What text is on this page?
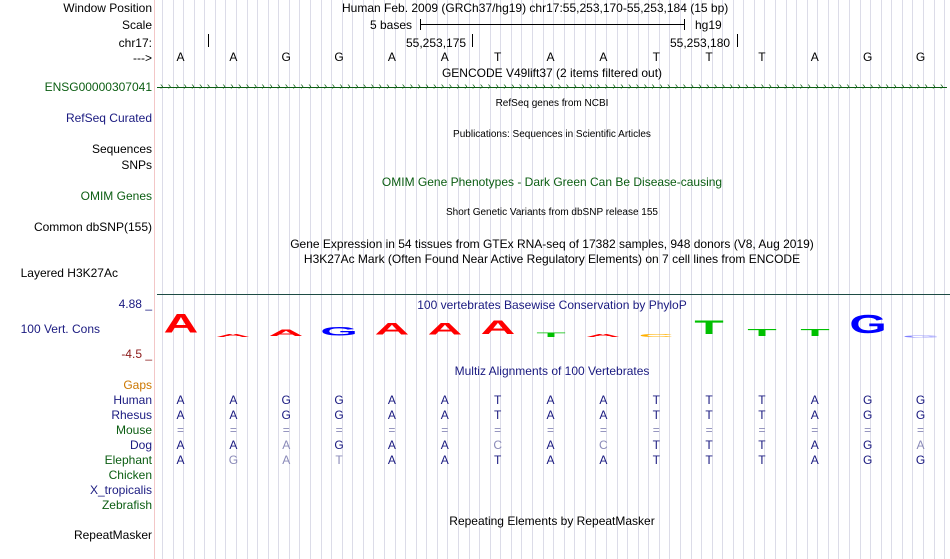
Window Position	Human Feb. 2009 (GRCh37/hg19) chr17:55,253,170-55,253,184 (15 bp)
Scale	5 bases	hg19
chr17:	55,253,175	55,253,180
---> A	A	G	G	A	A	T	A	A	T	T	T	A	G	G
GENCODE V49lift37 (2 items filtered out)
ENSG00000307041 › › › › › › › › › › › › › › › › › › › › › › › › › › › › › › › › › › › › › › › › › › › › › › › › › › › › › › › › › › › › › › › › › › › › › › › › › › › › › › › › › › › › › › › › › › › › › › › › › › › › ›
RefSeq genes from NCBI
RefSeq Curated
Publications: Sequences in Scientific Articles
Sequences
SNPs
OMIM Gene Phenotypes - Dark Green Can Be Disease-causing
OMIM Genes
Short Genetic Variants from dbSNP release 155
Common dbSNP(155)
Gene Expression in 54 tissues from GTEx RNA-seq of 17382 samples, 948 donors (V8, Aug 2019)
H3K27Ac Mark (Often Found Near Active Regulatory Elements) on 7 cell lines from ENCODE
Layered H3K27Ac
100 vertebrates Basewise Conservation by PhyloP
4.88 _
100 Vert. Cons
-4.5 _
A A A G A A A	T	A C	T	T	T G G
Multiz Alignments of 100 Vertebrates
Gaps
Human A	A	G	G	A	A	T	A	A	T	T	T	A	G	G
Rhesus A	A	G	G	A	A	T	A	A	T	T	T	A	G	G
Mouse =	=	=	=	=	=	=	=	=	=	=	=	=	=	=
Dog A	A	A	G	A	A	C	A	C	T	T	T	A	G	A
Elephant A	G	A	T	A	A	T	A	A	T	T	T	A	G	G
Chicken
X_tropicalis
Zebrafish
Repeating Elements by RepeatMasker
RepeatMasker
